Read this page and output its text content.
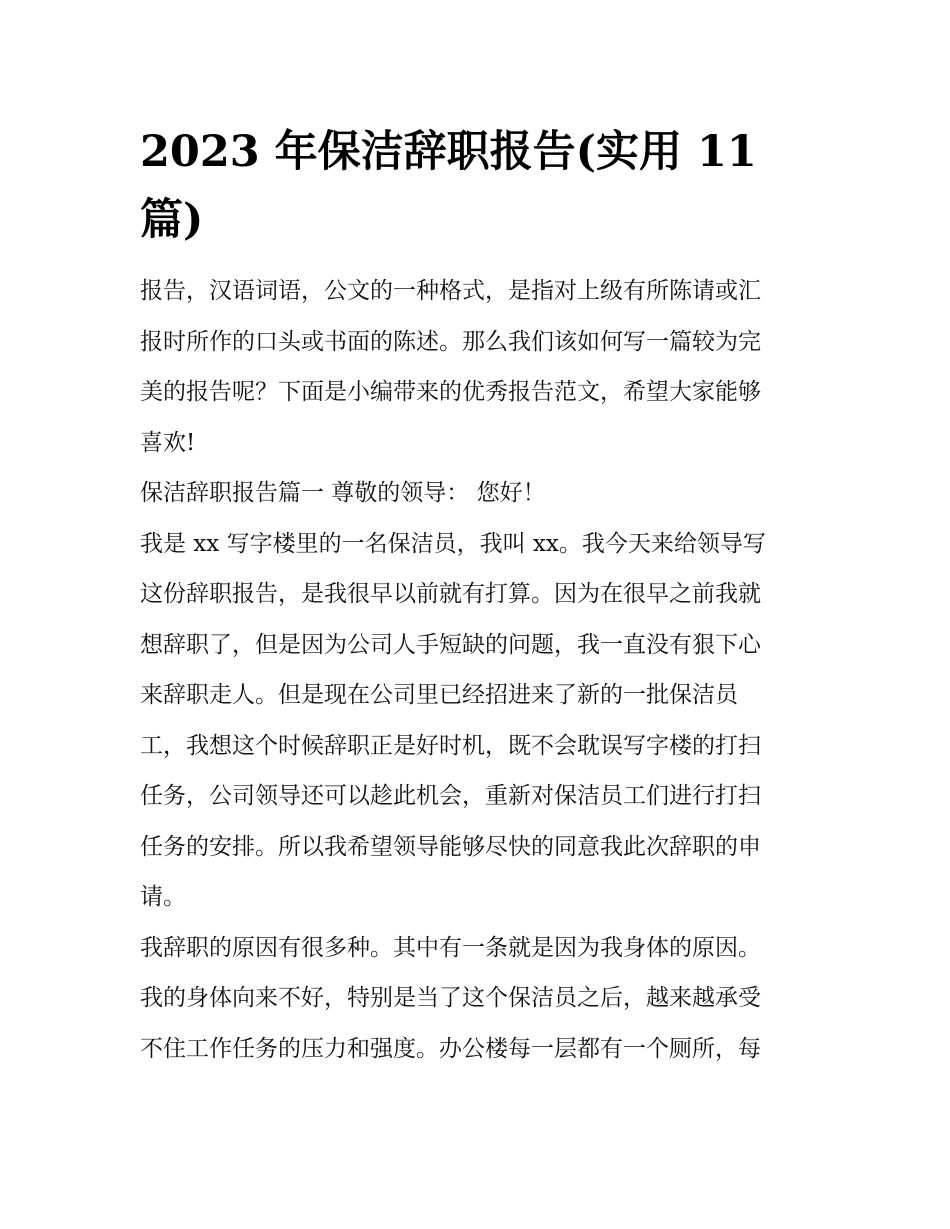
2023 年保洁辞职报告(实用 11
篇)

报告，汉语词语，公文的一种格式，是指对上级有所陈请或汇
报时所作的口头或书面的陈述。那么我们该如何写一篇较为完
美的报告呢？下面是小编带来的优秀报告范文，希望大家能够
喜欢!

保洁辞职报告篇一 尊敬的领导： 您好！

我是 xx 写字楼里的一名保洁员，我叫 xx。我今天来给领导写
这份辞职报告，是我很早以前就有打算。因为在很早之前我就
想辞职了，但是因为公司人手短缺的问题，我一直没有狠下心
来辞职走人。但是现在公司里已经招进来了新的一批保洁员
工，我想这个时候辞职正是好时机，既不会耽误写字楼的打扫
任务，公司领导还可以趁此机会，重新对保洁员工们进行打扫
任务的安排。所以我希望领导能够尽快的同意我此次辞职的申
请。

我辞职的原因有很多种。其中有一条就是因为我身体的原因。
我的身体向来不好，特别是当了这个保洁员之后，越来越承受
不住工作任务的压力和强度。办公楼每一层都有一个厕所，每
